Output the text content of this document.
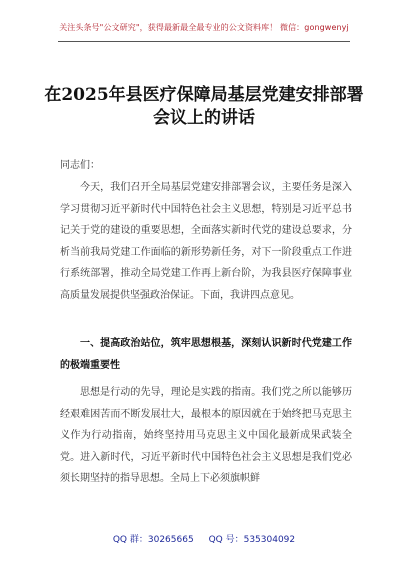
关注头条号"公文研究"，获得最新最全最专业的公文资料库！ 微信：gongwenyj
在2025年县医疗保障局基层党建安排部署会议上的讲话
同志们：

今天，我们召开全局基层党建安排部署会议，主要任务是深入学习贯彻习近平新时代中国特色社会主义思想，特别是习近平总书记关于党的建设的重要思想，全面落实新时代党的建设总要求，分析当前我局党建工作面临的新形势新任务，对下一阶段重点工作进行系统部署，推动全局党建工作再上新台阶，为我县医疗保障事业高质量发展提供坚强政治保证。下面，我讲四点意见。

一、提高政治站位，筑牢思想根基，深刻认识新时代党建工作的极端重要性

思想是行动的先导，理论是实践的指南。我们党之所以能够历经艰难困苦而不断发展壮大，最根本的原因就在于始终把马克思主义作为行动指南，始终坚持用马克思主义中国化最新成果武装全党。进入新时代，习近平新时代中国特色社会主义思想是我们党必须长期坚持的指导思想。全局上下必须旗帜鲜

QQ 群：30265665 QQ 号：535304092
